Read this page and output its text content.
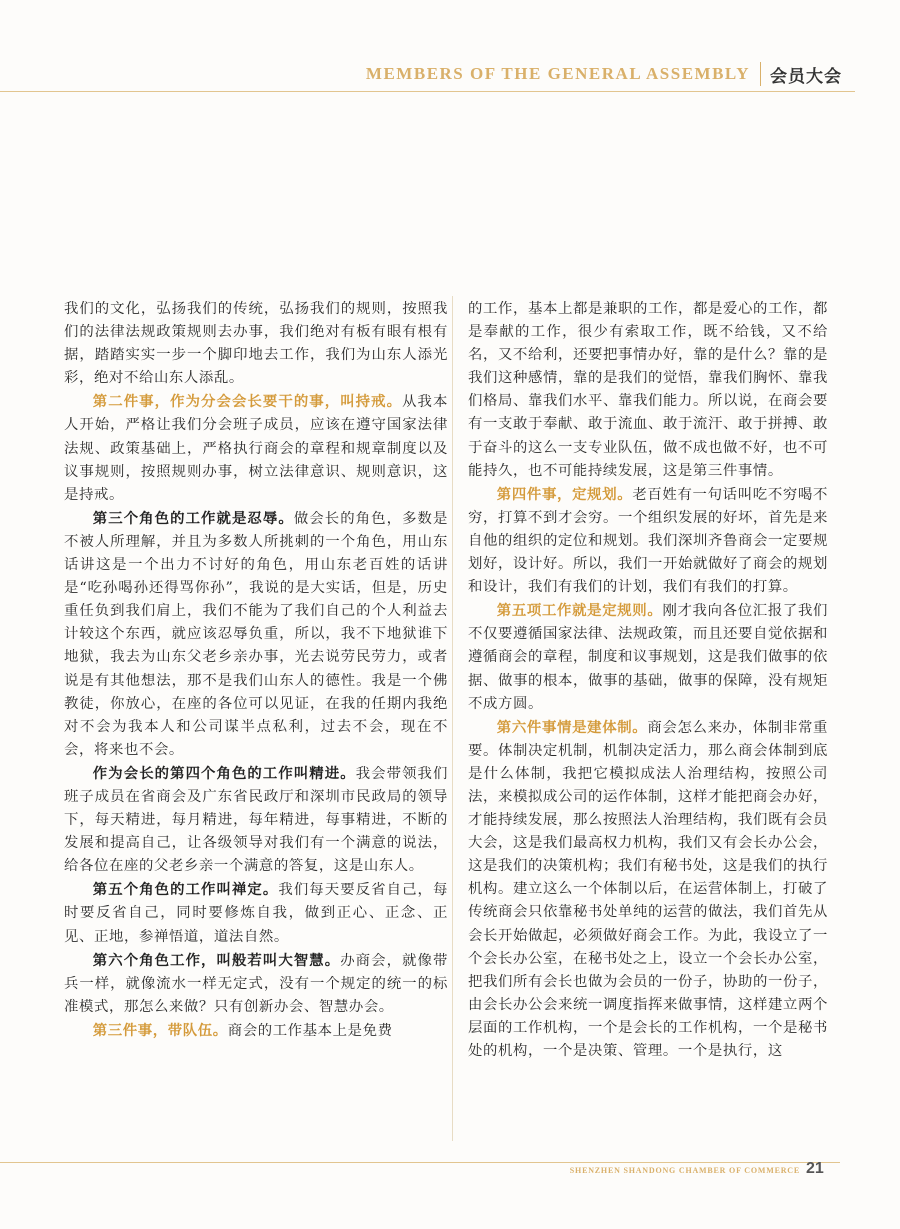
MEMBERS OF THE GENERAL ASSEMBLY 会员大会

我们的文化，弘扬我们的传统，弘扬我们的规则，按照我们的法律法规政策规则去办事，我们绝对有板有眼有根有据，踏踏实实一步一个脚印地去工作，我们为山东人添光彩，绝对不给山东人添乱。

第二件事，作为分会会长要干的事，叫持戒。从我本人开始，严格让我们分会班子成员，应该在遵守国家法律法规、政策基础上，严格执行商会的章程和规章制度以及议事规则，按照规则办事，树立法律意识、规则意识，这是持戒。

第三个角色的工作就是忍辱。做会长的角色，多数是不被人所理解，并且为多数人所挑刺的一个角色，用山东话讲这是一个出力不讨好的角色，用山东老百姓的话讲是“吃孙喝孙还得骂你孙”，我说的是大实话，但是，历史重任负到我们肩上，我们不能为了我们自己的个人利益去计较这个东西，就应该忍辱负重，所以，我不下地狱谁下地狱，我去为山东父老乡亲办事，光去说劳民劳力，或者说是有其他想法，那不是我们山东人的德性。我是一个佛教徒，你放心，在座的各位可以见证，在我的任期内我绝对不会为我本人和公司谋半点私利，过去不会，现在不会，将来也不会。

作为会长的第四个角色的工作叫精进。我会带领我们班子成员在省商会及广东省民政厅和深圳市民政局的领导下，每天精进，每月精进，每年精进，每事精进，不断的发展和提高自己，让各级领导对我们有一个满意的说法，给各位在座的父老乡亲一个满意的答复，这是山东人。

第五个角色的工作叫禅定。我们每天要反省自己，每时要反省自己，同时要修炼自我，做到正心、正念、正见、正地，参禅悟道，道法自然。

第六个角色工作，叫般若叫大智慧。办商会，就像带兵一样，就像流水一样无定式，没有一个规定的统一的标准模式，那怎么来做？只有创新办会、智慧办会。

第三件事，带队伍。商会的工作基本上是免费

的工作，基本上都是兼职的工作，都是爱心的工作，都是奉献的工作，很少有索取工作，既不给钱，又不给名，又不给利，还要把事情办好，靠的是什么？靠的是我们这种感情，靠的是我们的觉悟，靠我们胸怀、靠我们格局、靠我们水平、靠我们能力。所以说，在商会要有一支敢于奉献、敢于流血、敢于流汗、敢于拼搏、敢于奋斗的这么一支专业队伍，做不成也做不好，也不可能持久，也不可能持续发展，这是第三件事情。

第四件事，定规划。老百姓有一句话叫吃不穷喝不穷，打算不到才会穷。一个组织发展的好坏，首先是来自他的组织的定位和规划。我们深圳齐鲁商会一定要规划好，设计好。所以，我们一开始就做好了商会的规划和设计，我们有我们的计划，我们有我们的打算。

第五项工作就是定规则。刚才我向各位汇报了我们不仅要遵循国家法律、法规政策，而且还要自觉依据和遵循商会的章程，制度和议事规划，这是我们做事的依据、做事的根本，做事的基础，做事的保障，没有规矩不成方圆。

第六件事情是建体制。商会怎么来办，体制非常重要。体制决定机制，机制决定活力，那么商会体制到底是什么体制，我把它模拟成法人治理结构，按照公司法，来模拟成公司的运作体制，这样才能把商会办好，才能持续发展，那么按照法人治理结构，我们既有会员大会，这是我们最高权力机构，我们又有会长办公会，这是我们的决策机构；我们有秘书处，这是我们的执行机构。建立这么一个体制以后，在运营体制上，打破了传统商会只依靠秘书处单纯的运营的做法，我们首先从会长开始做起，必须做好商会工作。为此，我设立了一个会长办公室，在秘书处之上，设立一个会长办公室，把我们所有会长也做为会员的一份子，协助的一份子，由会长办公会来统一调度指挥来做事情，这样建立两个层面的工作机构，一个是会长的工作机构，一个是秘书处的机构，一个是决策、管理。一个是执行，这

SHENZHEN SHANDONG CHAMBER OF COMMERCE 21
